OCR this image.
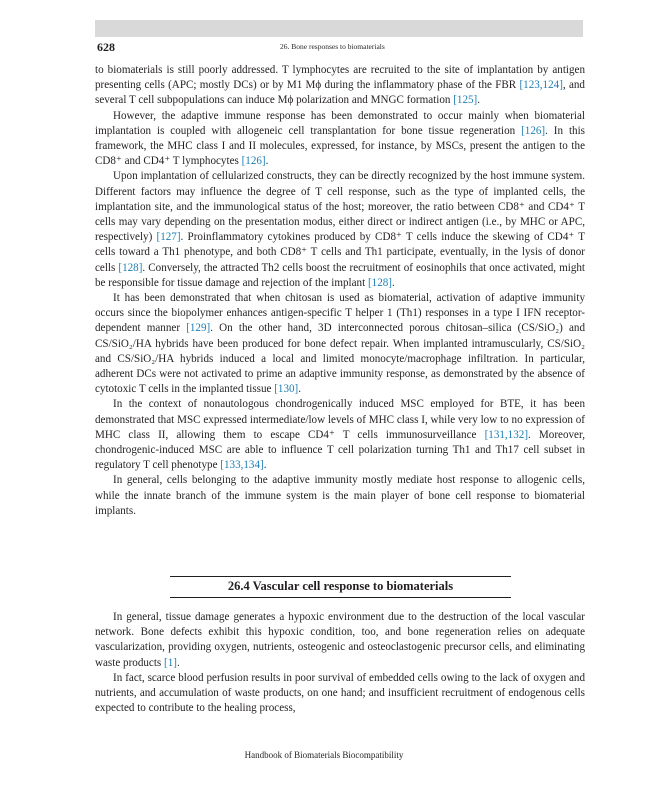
628	26. Bone responses to biomaterials

to biomaterials is still poorly addressed. T lymphocytes are recruited to the site of implantation by antigen presenting cells (APC; mostly DCs) or by M1 Mϕ during the inflammatory phase of the FBR [123,124], and several T cell subpopulations can induce Mϕ polarization and MNGC formation [125].

However, the adaptive immune response has been demonstrated to occur mainly when biomaterial implantation is coupled with allogeneic cell transplantation for bone tissue regeneration [126]. In this framework, the MHC class I and II molecules, expressed, for instance, by MSCs, present the antigen to the CD8⁺ and CD4⁺ T lymphocytes [126].

Upon implantation of cellularized constructs, they can be directly recognized by the host immune system. Different factors may influence the degree of T cell response, such as the type of implanted cells, the implantation site, and the immunological status of the host; moreover, the ratio between CD8⁺ and CD4⁺ T cells may vary depending on the presentation modus, either direct or indirect antigen (i.e., by MHC or APC, respectively) [127]. Proinflammatory cytokines produced by CD8⁺ T cells induce the skewing of CD4⁺ T cells toward a Th1 phenotype, and both CD8⁺ T cells and Th1 participate, eventually, in the lysis of donor cells [128]. Conversely, the attracted Th2 cells boost the recruitment of eosinophils that once activated, might be responsible for tissue damage and rejection of the implant [128].

It has been demonstrated that when chitosan is used as biomaterial, activation of adaptive immunity occurs since the biopolymer enhances antigen-specific T helper 1 (Th1) responses in a type I IFN receptor-dependent manner [129]. On the other hand, 3D interconnected porous chitosan–silica (CS/SiO₂) and CS/SiO₂/HA hybrids have been produced for bone defect repair. When implanted intramuscularly, CS/SiO₂ and CS/SiO₂/HA hybrids induced a local and limited monocyte/macrophage infiltration. In particular, adherent DCs were not activated to prime an adaptive immunity response, as demonstrated by the absence of cytotoxic T cells in the implanted tissue [130].

In the context of nonautologous chondrogenically induced MSC employed for BTE, it has been demonstrated that MSC expressed intermediate/low levels of MHC class I, while very low to no expression of MHC class II, allowing them to escape CD4⁺ T cells immunosurveillance [131,132]. Moreover, chondrogenic-induced MSC are able to influence T cell polarization turning Th1 and Th17 cell subset in regulatory T cell phenotype [133,134].

In general, cells belonging to the adaptive immunity mostly mediate host response to allogenic cells, while the innate branch of the immune system is the main player of bone cell response to biomaterial implants.

26.4 Vascular cell response to biomaterials

In general, tissue damage generates a hypoxic environment due to the destruction of the local vascular network. Bone defects exhibit this hypoxic condition, too, and bone regeneration relies on adequate vascularization, providing oxygen, nutrients, osteogenic and osteoclastogenic precursor cells, and eliminating waste products [1].

In fact, scarce blood perfusion results in poor survival of embedded cells owing to the lack of oxygen and nutrients, and accumulation of waste products, on one hand; and insufficient recruitment of endogenous cells expected to contribute to the healing process,

Handbook of Biomaterials Biocompatibility
